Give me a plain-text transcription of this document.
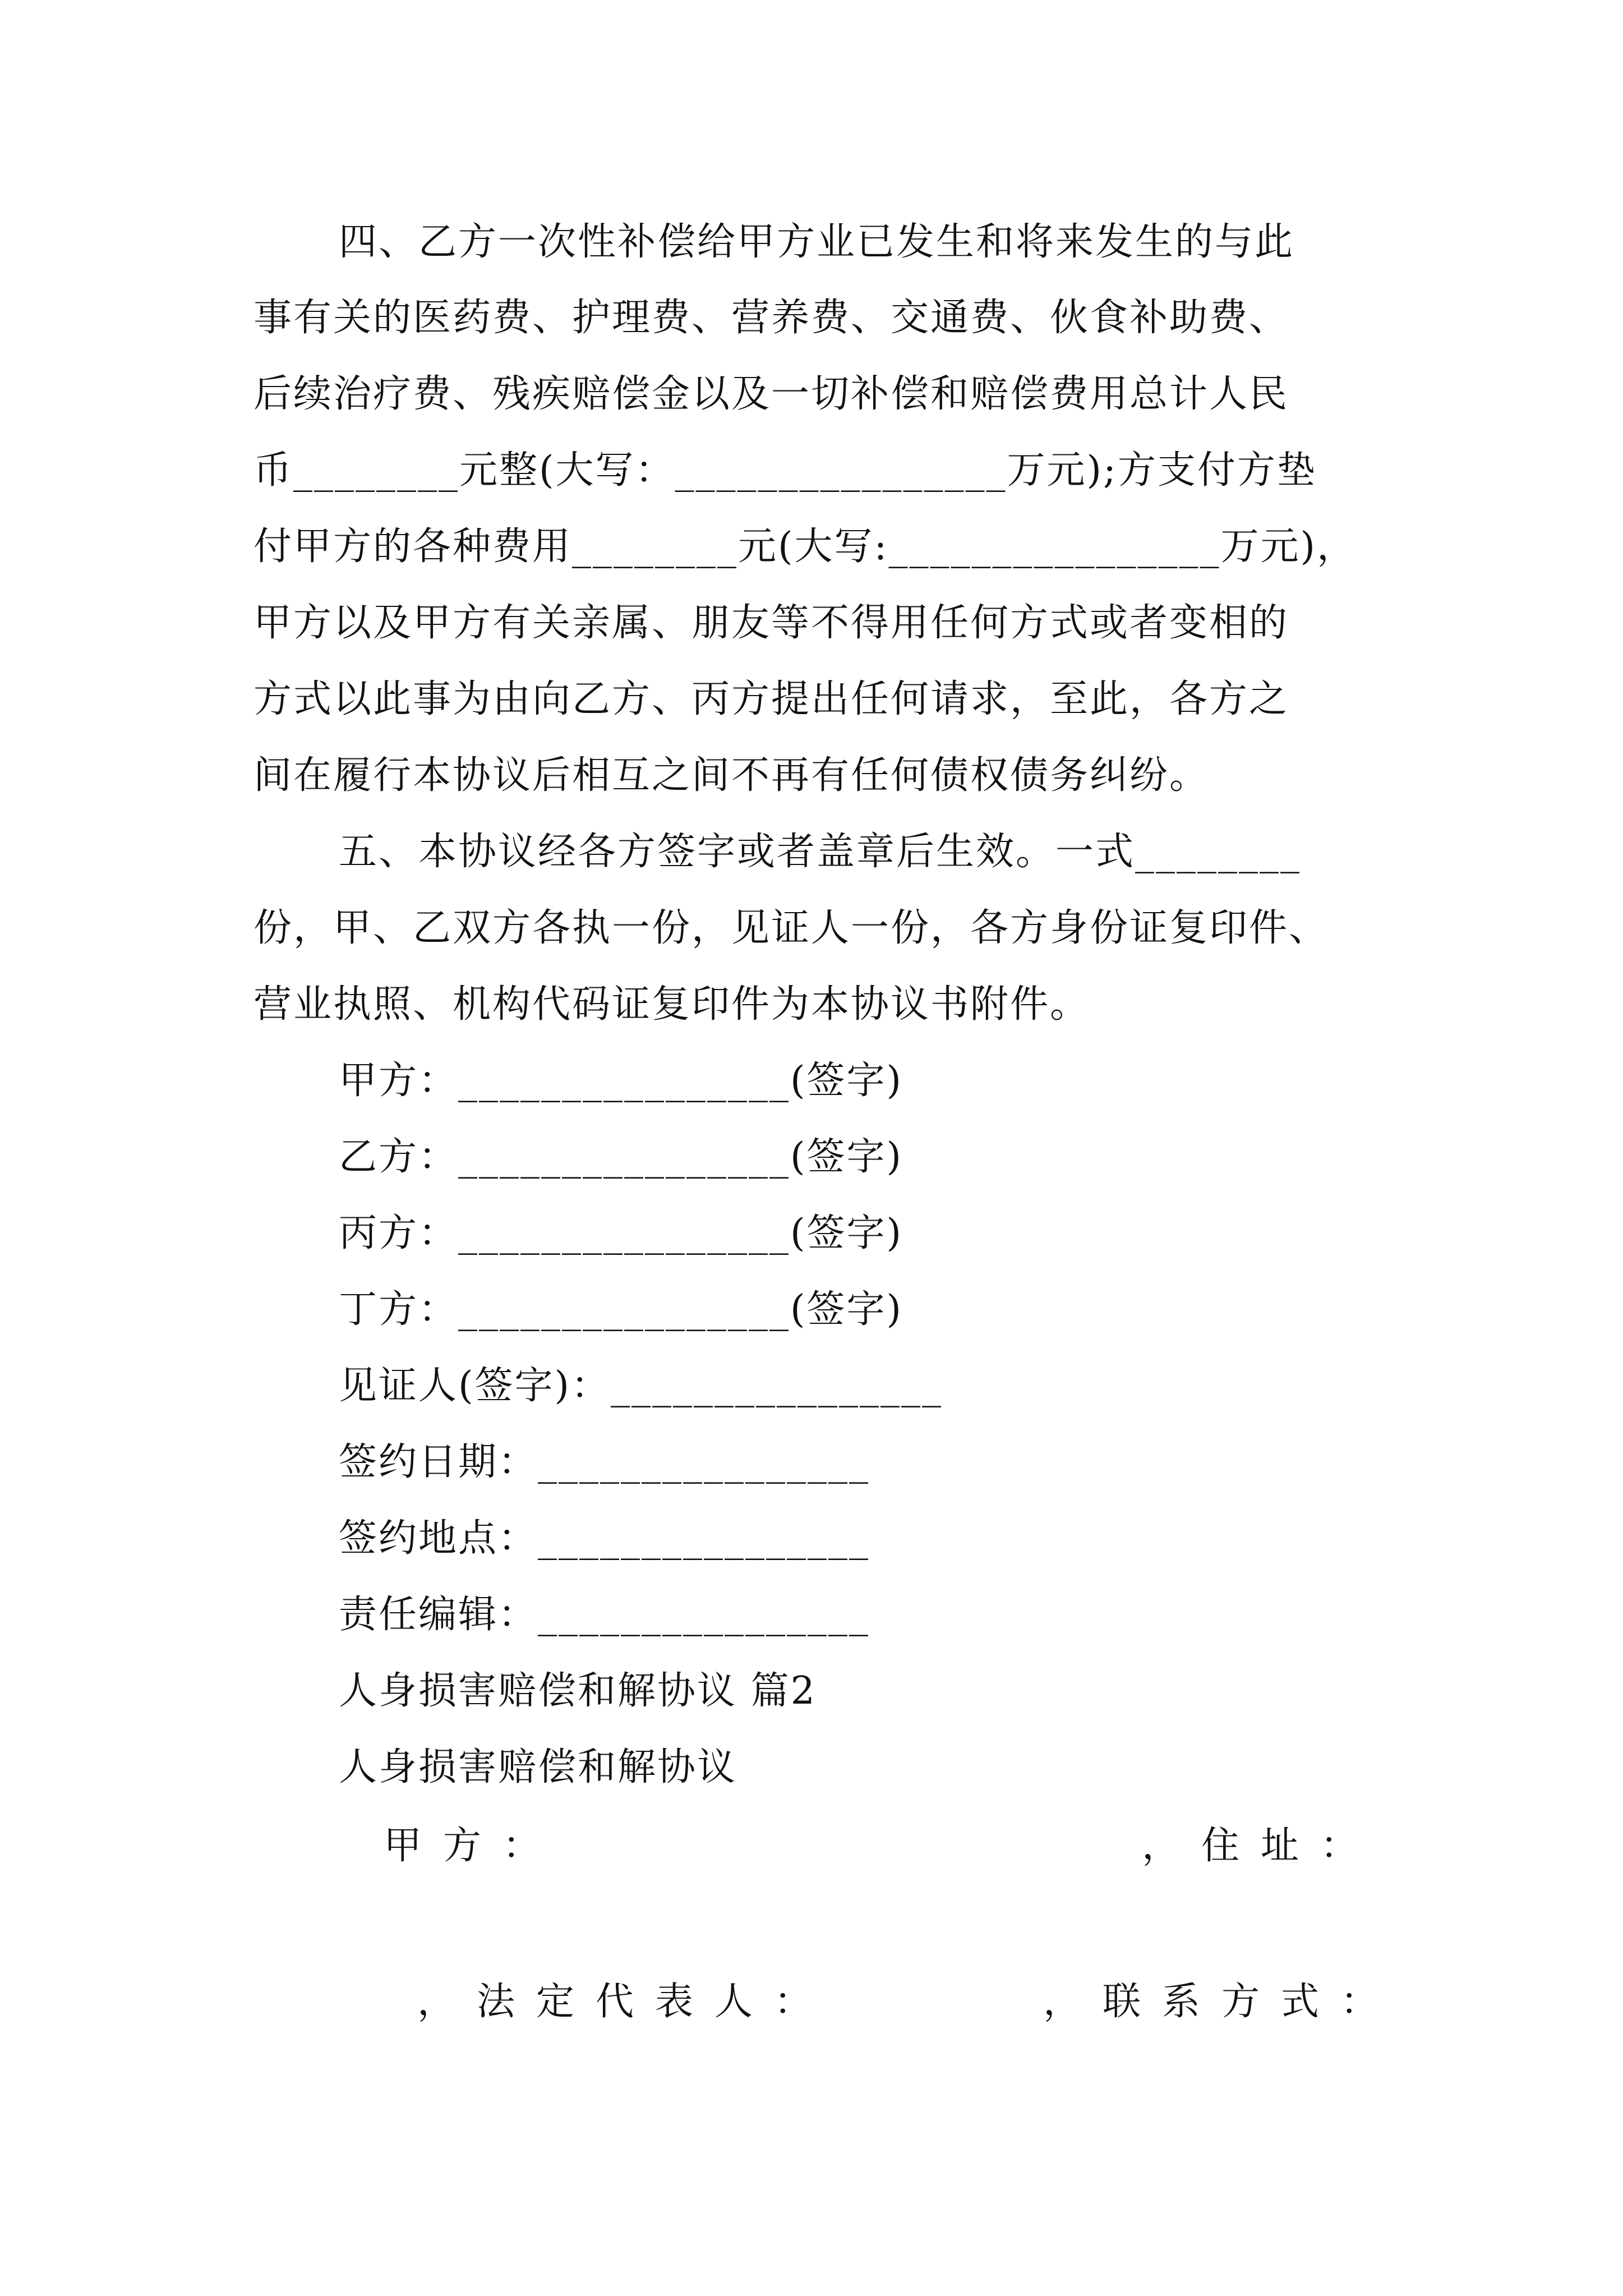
四、乙方一次性补偿给甲方业已发生和将来发生的与此
事有关的医药费、护理费、营养费、交通费、伙食补助费、
后续治疗费、残疾赔偿金以及一切补偿和赔偿费用总计人民
币________元整(大写：________________万元);方支付方垫
付甲方的各种费用________元(大写:________________万元)，
甲方以及甲方有关亲属、朋友等不得用任何方式或者变相的
方式以此事为由向乙方、丙方提出任何请求，至此，各方之
间在履行本协议后相互之间不再有任何债权债务纠纷。
五、本协议经各方签字或者盖章后生效。一式________
份，甲、乙双方各执一份，见证人一份，各方身份证复印件、
营业执照、机构代码证复印件为本协议书附件。
甲方：________________(签字)
乙方：________________(签字)
丙方：________________(签字)
丁方：________________(签字)
见证人(签字)：________________
签约日期：________________
签约地点：________________
责任编辑：________________
人身损害赔偿和解协议 篇2
人身损害赔偿和解协议
甲方：	，住址：
，法定代表人：	，联系方式：
